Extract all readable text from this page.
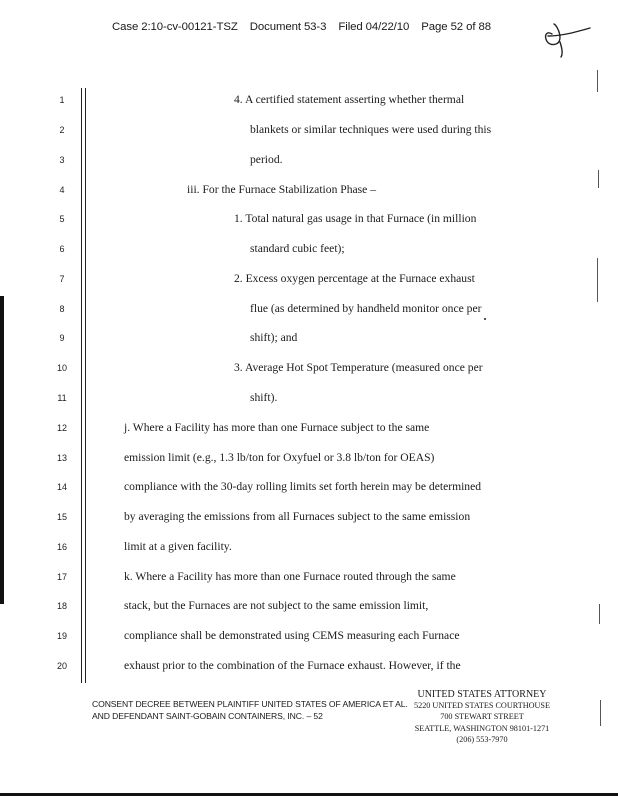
Case 2:10-cv-00121-TSZ Document 53-3 Filed 04/22/10 Page 52 of 88
1
2
3
4
5
6
7
8
9
10
11
12
13
14
15
16
17
18
19
20
4. A certified statement asserting whether thermal
blankets or similar techniques were used during this
period.
iii. For the Furnace Stabilization Phase –
1. Total natural gas usage in that Furnace (in million
standard cubic feet);
2. Excess oxygen percentage at the Furnace exhaust
flue (as determined by handheld monitor once per
shift); and
3. Average Hot Spot Temperature (measured once per
shift).
j. Where a Facility has more than one Furnace subject to the same
emission limit (e.g., 1.3 lb/ton for Oxyfuel or 3.8 lb/ton for OEAS)
compliance with the 30-day rolling limits set forth herein may be determined
by averaging the emissions from all Furnaces subject to the same emission
limit at a given facility.
k. Where a Facility has more than one Furnace routed through the same
stack, but the Furnaces are not subject to the same emission limit,
compliance shall be demonstrated using CEMS measuring each Furnace
exhaust prior to the combination of the Furnace exhaust. However, if the
CONSENT DECREE BETWEEN PLAINTIFF UNITED STATES OF AMERICA ET AL.
AND DEFENDANT SAINT-GOBAIN CONTAINERS, INC. – 52
UNITED STATES ATTORNEY
5220 UNITED STATES COURTHOUSE
700 STEWART STREET
SEATTLE, WASHINGTON 98101-1271
(206) 553-7970
